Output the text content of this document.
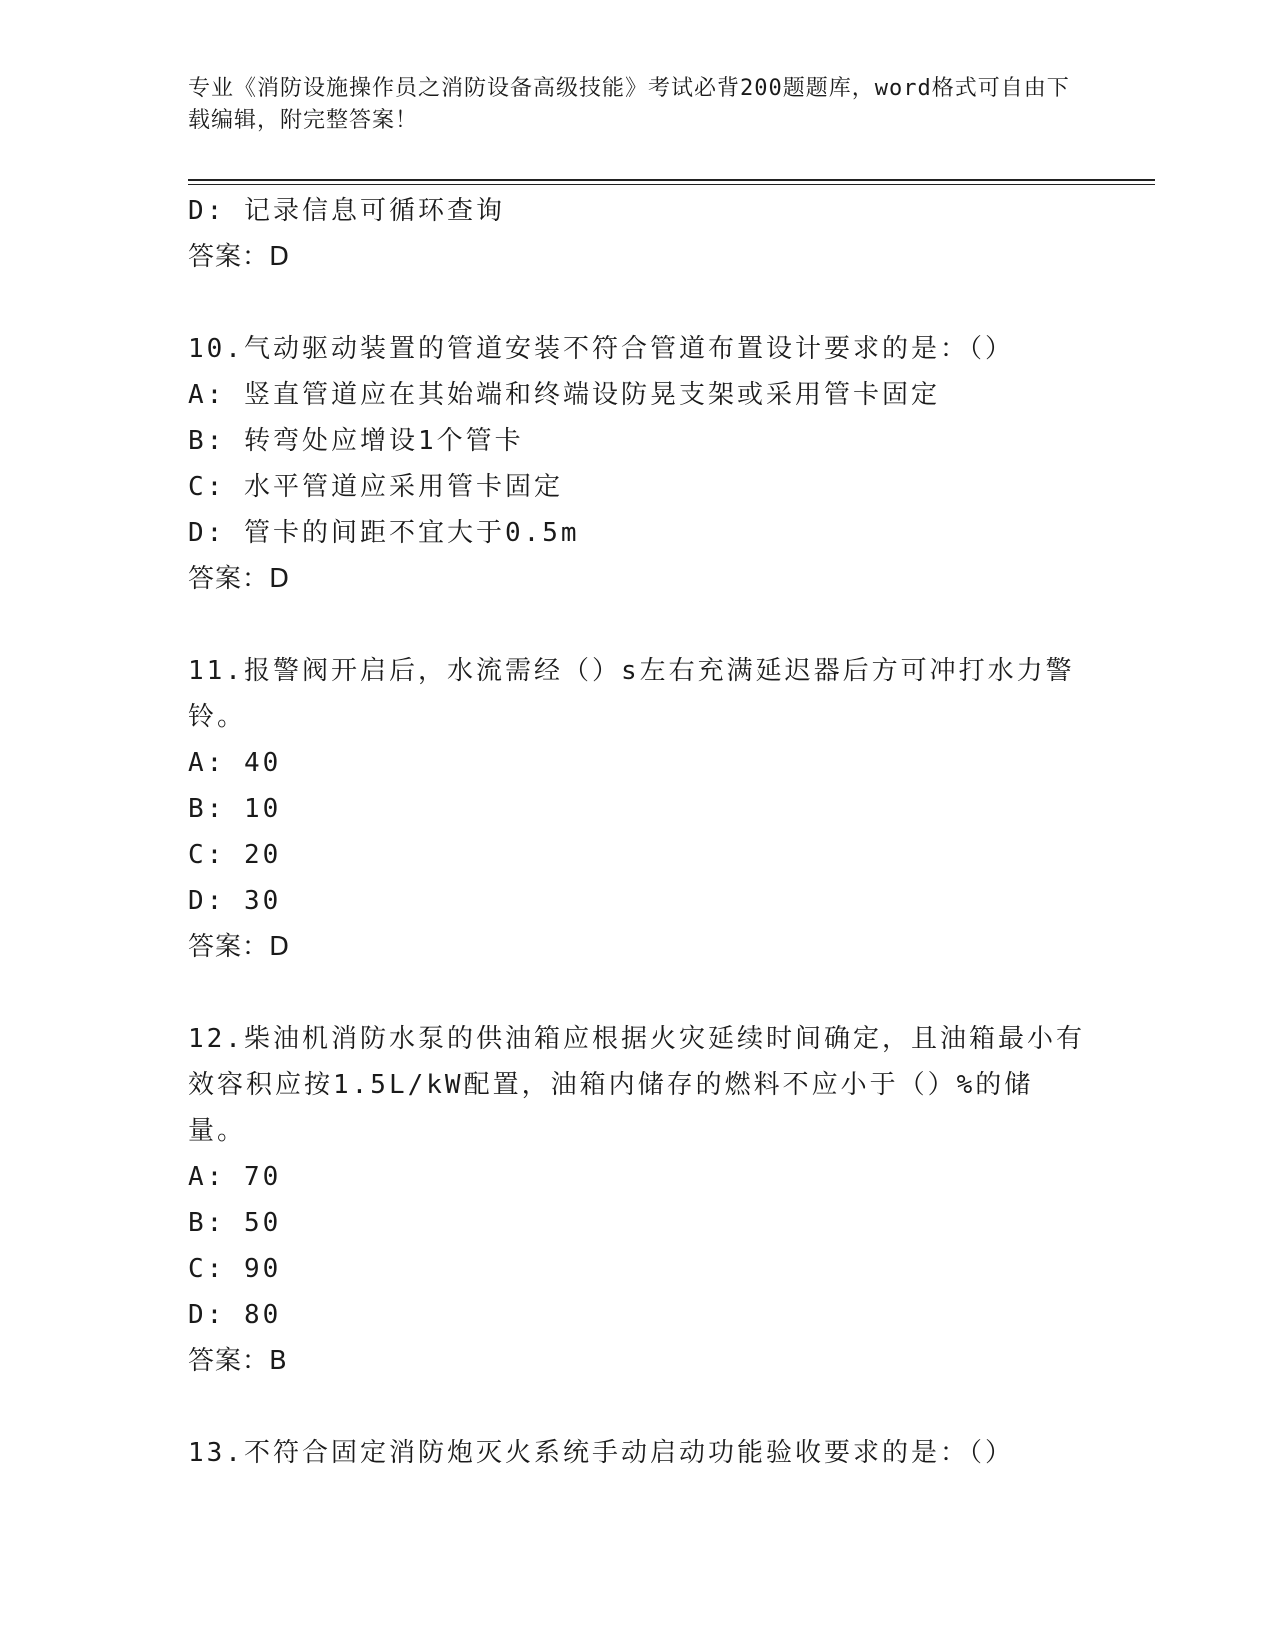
专业《消防设施操作员之消防设备高级技能》考试必背200题题库，word格式可自由下载编辑，附完整答案！
D: 记录信息可循环查询
答案：D
10.气动驱动装置的管道安装不符合管道布置设计要求的是：（）
A: 竖直管道应在其始端和终端设防晃支架或采用管卡固定
B: 转弯处应增设1个管卡
C: 水平管道应采用管卡固定
D: 管卡的间距不宜大于0.5m
答案：D
11.报警阀开启后，水流需经（）s左右充满延迟器后方可冲打水力警铃。
A: 40
B: 10
C: 20
D: 30
答案：D
12.柴油机消防水泵的供油箱应根据火灾延续时间确定，且油箱最小有效容积应按1.5L/kW配置，油箱内储存的燃料不应小于（）%的储量。
A: 70
B: 50
C: 90
D: 80
答案：B
13.不符合固定消防炮灭火系统手动启动功能验收要求的是：（）
